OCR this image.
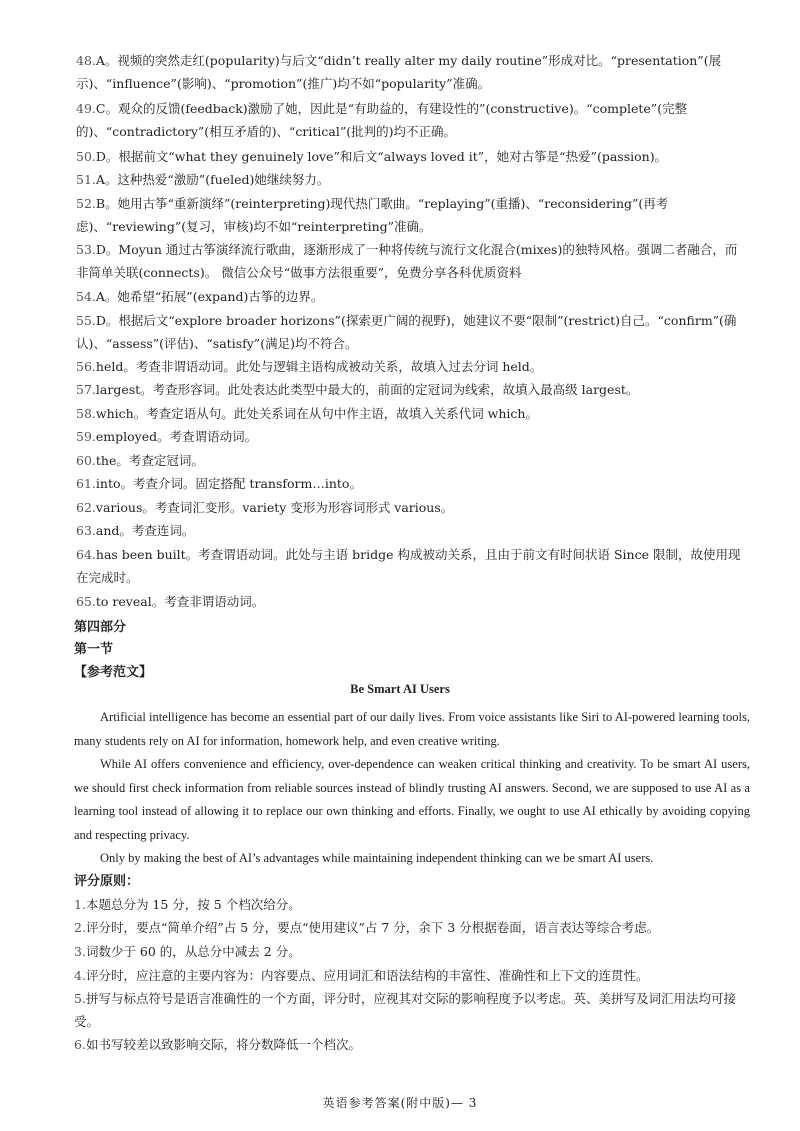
48.A。视频的突然走红(popularity)与后文“didn’t really alter my daily routine”形成对比。“presentation”(展示)、“influence”(影响)、“promotion”(推广)均不如“popularity”准确。
49.C。观众的反馈(feedback)激励了她，因此是“有助益的，有建设性的”(constructive)。“complete”(完整的)、“contradictory”(相互矛盾的)、“critical”(批判的)均不正确。
50.D。根据前文“what they genuinely love”和后文“always loved it”，她对古筝是“热爱”(passion)。
51.A。这种热爱“激励”(fueled)她继续努力。
52.B。她用古筝“重新演绎”(reinterpreting)现代热门歌曲。“replaying”(重播)、“reconsidering”(再考虑)、“reviewing”(复习，审核)均不如“reinterpreting”准确。
53.D。Moyun 通过古筝演绎流行歌曲，逐渐形成了一种将传统与流行文化混合(mixes)的独特风格。强调二者融合，而非简单关联(connects)。 微信公众号“做事方法很重要”，免费分享各科优质资料
54.A。她希望“拓展”(expand)古筝的边界。
55.D。根据后文“explore broader horizons”(探索更广阔的视野)，她建议不要“限制”(restrict)自己。“confirm”(确认)、“assess”(评估)、“satisfy”(满足)均不符合。
56.held。考查非谓语动词。此处与逻辑主语构成被动关系，故填入过去分词 held。
57.largest。考查形容词。此处表达此类型中最大的，前面的定冠词为线索，故填入最高级 largest。
58.which。考查定语从句。此处关系词在从句中作主语，故填入关系代词 which。
59.employed。考查谓语动词。
60.the。考查定冠词。
61.into。考查介词。固定搭配 transform…into。
62.various。考查词汇变形。variety 变形为形容词形式 various。
63.and。考查连词。
64.has been built。考查谓语动词。此处与主语 bridge 构成被动关系，且由于前文有时间状语 Since 限制，故使用现在完成时。
65.to reveal。考查非谓语动词。
第四部分
第一节
【参考范文】
Be Smart AI Users

Artificial intelligence has become an essential part of our daily lives. From voice assistants like Siri to AI-powered learning tools, many students rely on AI for information, homework help, and even creative writing.

While AI offers convenience and efficiency, over-dependence can weaken critical thinking and creativity. To be smart AI users, we should first check information from reliable sources instead of blindly trusting AI answers. Second, we are supposed to use AI as a learning tool instead of allowing it to replace our own thinking and efforts. Finally, we ought to use AI ethically by avoiding copying and respecting privacy.

Only by making the best of AI’s advantages while maintaining independent thinking can we be smart AI users.

评分原则：
1.本题总分为 15 分，按 5 个档次给分。
2.评分时，要点“简单介绍”占 5 分，要点“使用建议”占 7 分，余下 3 分根据卷面，语言表达等综合考虑。
3.词数少于 60 的，从总分中减去 2 分。
4.评分时，应注意的主要内容为：内容要点、应用词汇和语法结构的丰富性、准确性和上下文的连贯性。
5.拼写与标点符号是语言准确性的一个方面，评分时，应视其对交际的影响程度予以考虑。英、美拼写及词汇用法均可接受。
6.如书写较差以致影响交际，将分数降低一个档次。
英语参考答案(附中版)— 3
